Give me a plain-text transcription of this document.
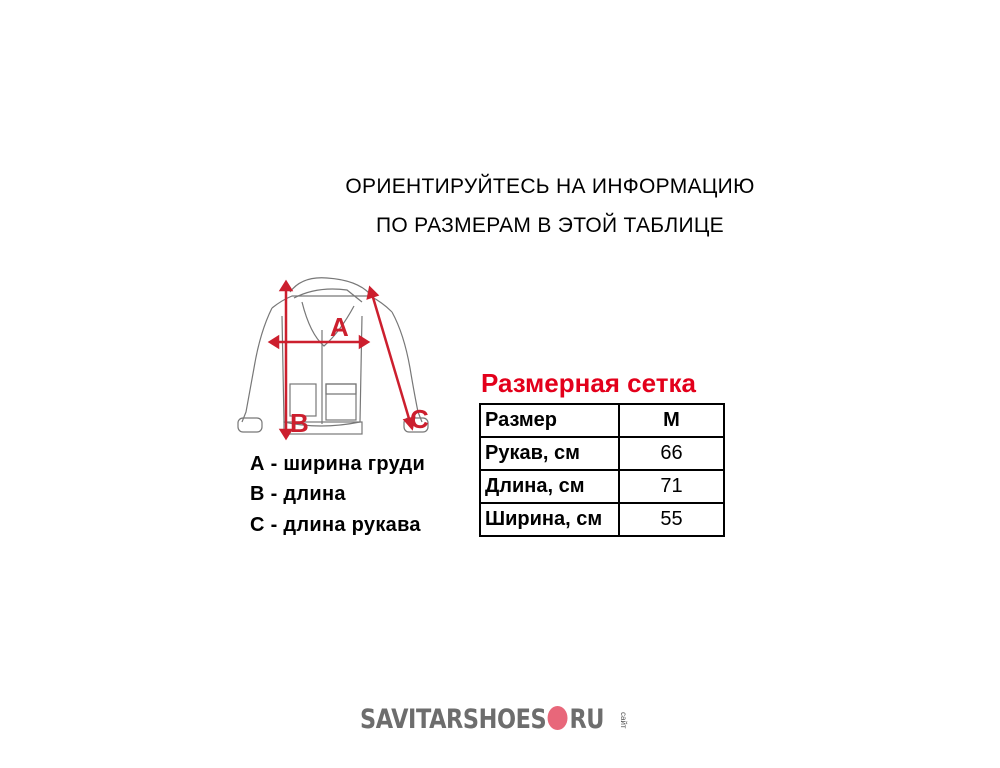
ОРИЕНТИРУЙТЕСЬ НА ИНФОРМАЦИЮ
ПО РАЗМЕРАМ В ЭТОЙ ТАБЛИЦЕ
A
B	C
А - ширина груди
В - длина
С - длина рукава
Размерная сетка
Размер	M
Рукав, см	66
Длина, см	71
Ширина, см	55
SAVITARSHOES RU сайт
